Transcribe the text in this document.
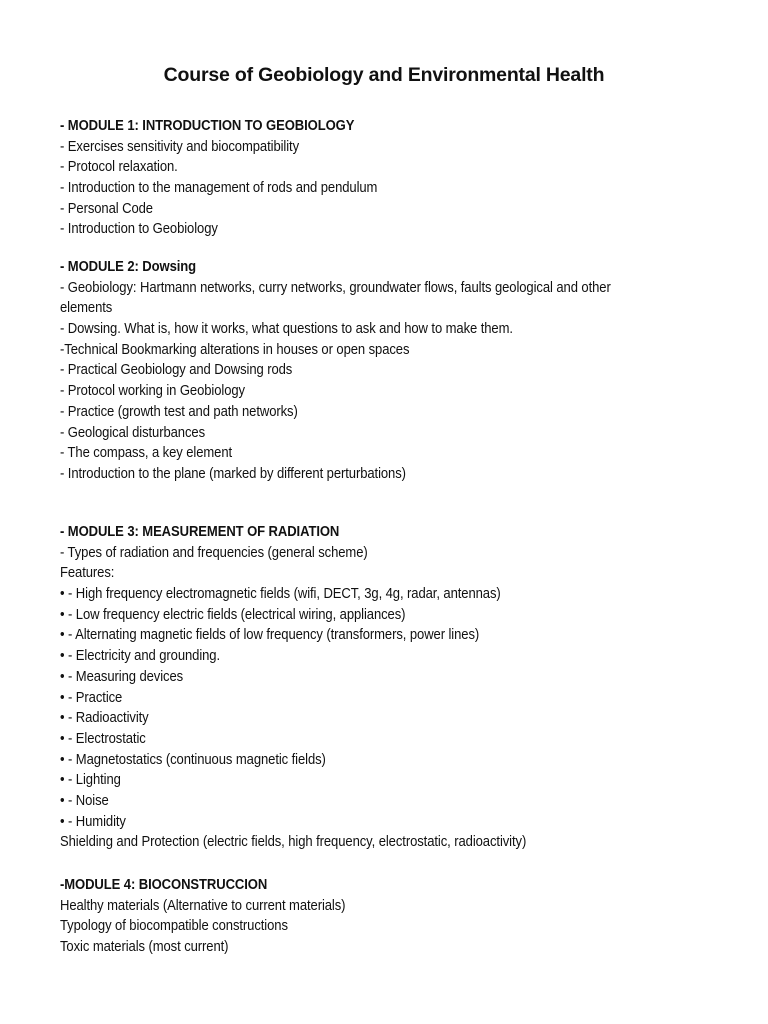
Course of Geobiology and Environmental Health
- MODULE 1: INTRODUCTION TO GEOBIOLOGY
- Exercises sensitivity and biocompatibility
- Protocol relaxation.
- Introduction to the management of rods and pendulum
- Personal Code
- Introduction to Geobiology
- MODULE 2: Dowsing
- Geobiology: Hartmann networks, curry networks, groundwater flows, faults geological and other
elements
- Dowsing. What is, how it works, what questions to ask and how to make them.
-Technical Bookmarking alterations in houses or open spaces
- Practical Geobiology and Dowsing rods
- Protocol working in Geobiology
- Practice (growth test and path networks)
- Geological disturbances
- The compass, a key element
- Introduction to the plane (marked by different perturbations)
- MODULE 3: MEASUREMENT OF RADIATION
- Types of radiation and frequencies (general scheme)
Features:
• - High frequency electromagnetic fields (wifi, DECT, 3g, 4g, radar, antennas)
• - Low frequency electric fields (electrical wiring, appliances)
• - Alternating magnetic fields of low frequency (transformers, power lines)
• - Electricity and grounding.
• - Measuring devices
• - Practice
• - Radioactivity
• - Electrostatic
• - Magnetostatics (continuous magnetic fields)
• - Lighting
• - Noise
• - Humidity
Shielding and Protection (electric fields, high frequency, electrostatic, radioactivity)
-MODULE 4: BIOCONSTRUCCION
Healthy materials (Alternative to current materials)
Typology of biocompatible constructions
Toxic materials (most current)
